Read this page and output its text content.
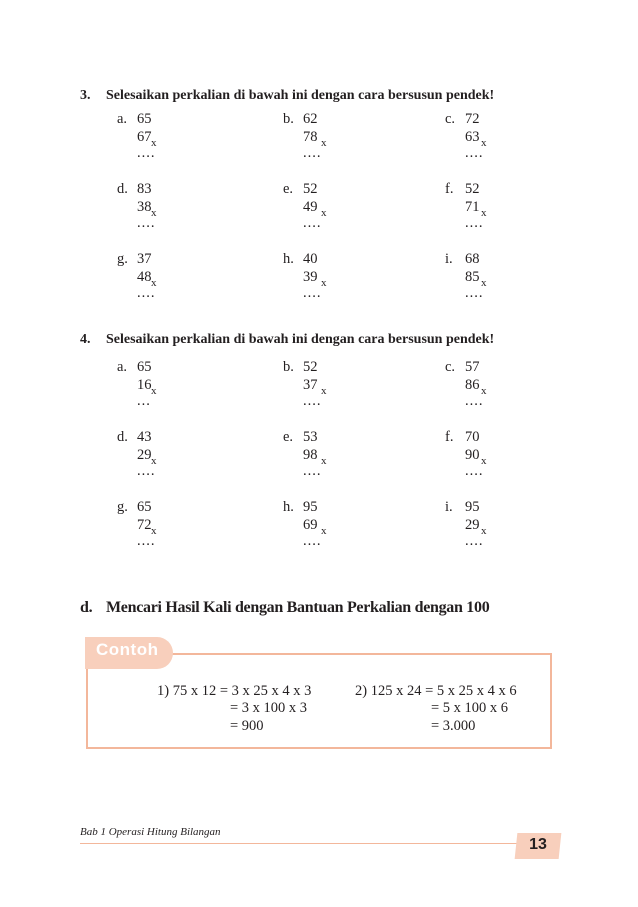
3. Selesaikan perkalian di bawah ini dengan cara bersusun pendek!
a. 65
67 x
....
d. 83
38 x
....
g. 37
48 x
....
b. 62
78 x
....
e. 52
49 x
....
h. 40
39 x
....
c. 72
63 x
....
f. 52
71 x
....
i. 68
85 x
....
4. Selesaikan perkalian di bawah ini dengan cara bersusun pendek!
a. 65
16 x
...
d. 43
29 x
....
g. 65
72 x
....
b. 52
37 x
....
e. 53
98 x
....
h. 95
69 x
....
c. 57
86 x
....
f. 70
90 x
....
i. 95
29 x
....
d. Mencari Hasil Kali dengan Bantuan Perkalian dengan 100
Contoh
1) 75 x 12 = 3 x 25 x 4 x 3
= 3 x 100 x 3
= 900
2) 125 x 24 = 5 x 25 x 4 x 6
= 5 x 100 x 6
= 3.000
Bab 1 Operasi Hitung Bilangan
13
